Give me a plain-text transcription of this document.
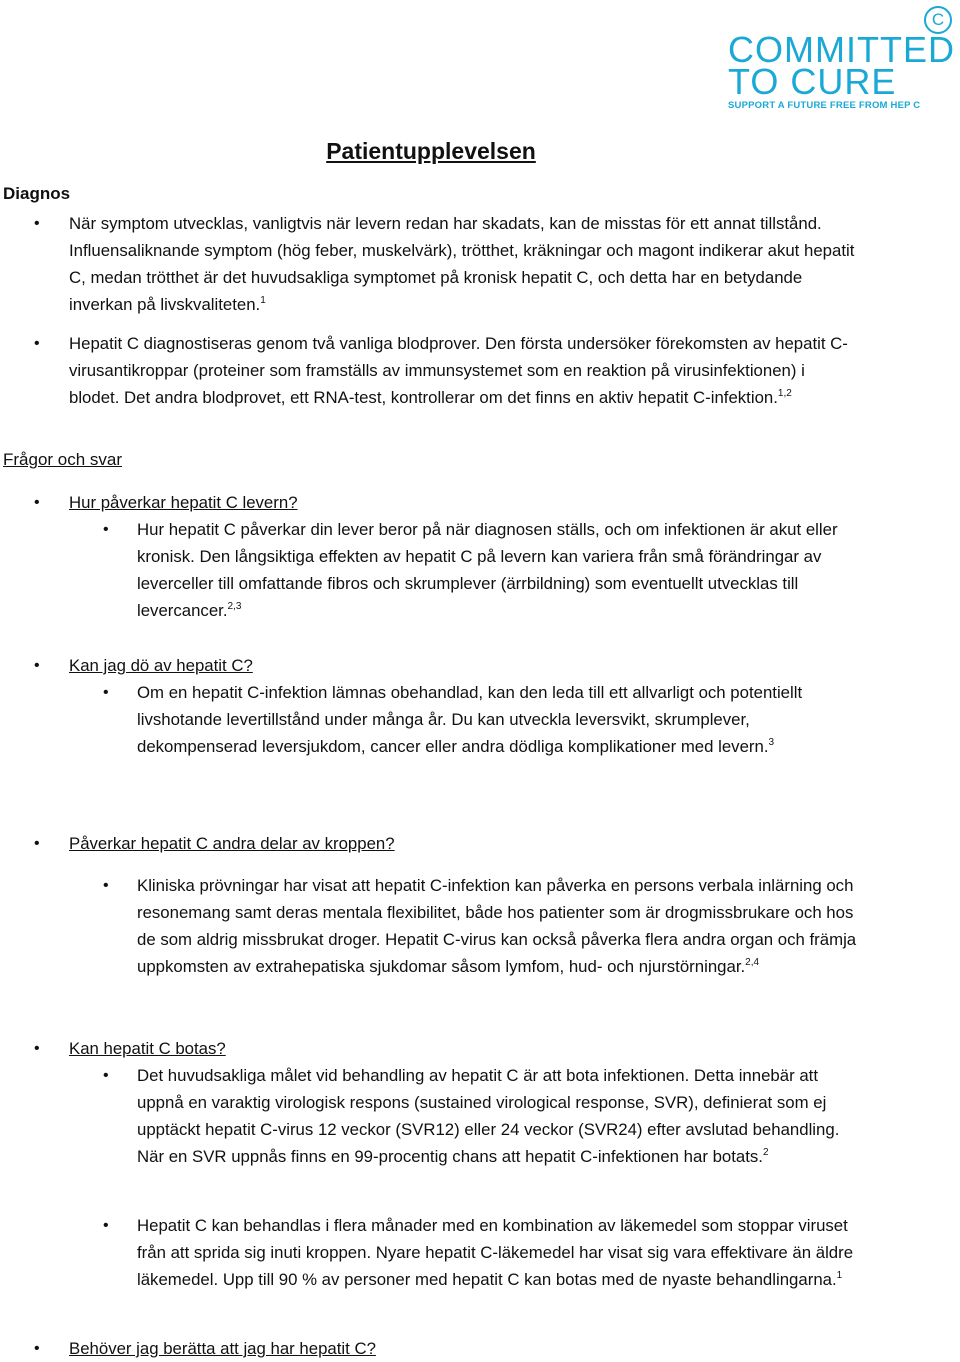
C
COMMITTED
TO CURE
SUPPORT A FUTURE FREE FROM HEP C
Patientupplevelsen
Diagnos
• När symptom utvecklas, vanligtvis när levern redan har skadats, kan de misstas för ett annat tillstånd. Influensaliknande symptom (hög feber, muskelvärk), trötthet, kräkningar och magont indikerar akut hepatit C, medan trötthet är det huvudsakliga symptomet på kronisk hepatit C, och detta har en betydande inverkan på livskvaliteten.$^1$

• Hepatit C diagnostiseras genom två vanliga blodprover. Den första undersöker förekomsten av hepatit C-virusantikroppar (proteiner som framställs av immunsystemet som en reaktion på virusinfektionen) i blodet. Det andra blodprovet, ett RNA-test, kontrollerar om det finns en aktiv hepatit C-infektion.$^{1,2}$

Frågor och svar
• Hur påverkar hepatit C levern?

• Hur hepatit C påverkar din lever beror på när diagnosen ställs, och om infektionen är akut eller kronisk. Den långsiktiga effekten av hepatit C på levern kan variera från små förändringar av leverceller till omfattande fibros och skrumplever (ärrbildning) som eventuellt utvecklas till levercancer.$^{2,3}$

• Kan jag dö av hepatit C?

• Om en hepatit C-infektion lämnas obehandlad, kan den leda till ett allvarligt och potentiellt livshotande levertillstånd under många år. Du kan utveckla leversvikt, skrumplever, dekompenserad leversjukdom, cancer eller andra dödliga komplikationer med levern.$^3$

• Påverkar hepatit C andra delar av kroppen?

• Kliniska prövningar har visat att hepatit C-infektion kan påverka en persons verbala inlärning och resonemang samt deras mentala flexibilitet, både hos patienter som är drogmissbrukare och hos de som aldrig missbrukat droger. Hepatit C-virus kan också påverka flera andra organ och främja uppkomsten av extrahepatiska sjukdomar såsom lymfom, hud- och njurstörningar.$^{2,4}$

• Kan hepatit C botas?

• Det huvudsakliga målet vid behandling av hepatit C är att bota infektionen. Detta innebär att uppnå en varaktig virologisk respons (sustained virological response, SVR), definierat som ej upptäckt hepatit C-virus 12 veckor (SVR12) eller 24 veckor (SVR24) efter avslutad behandling. När en SVR uppnås finns en 99-procentig chans att hepatit C-infektionen har botats.$^2$

• Hepatit C kan behandlas i flera månader med en kombination av läkemedel som stoppar viruset från att sprida sig inuti kroppen. Nyare hepatit C-läkemedel har visat sig vara effektivare än äldre läkemedel. Upp till 90 % av personer med hepatit C kan botas med de nyaste behandlingarna.$^1$

• Behöver jag berätta att jag har hepatit C?
